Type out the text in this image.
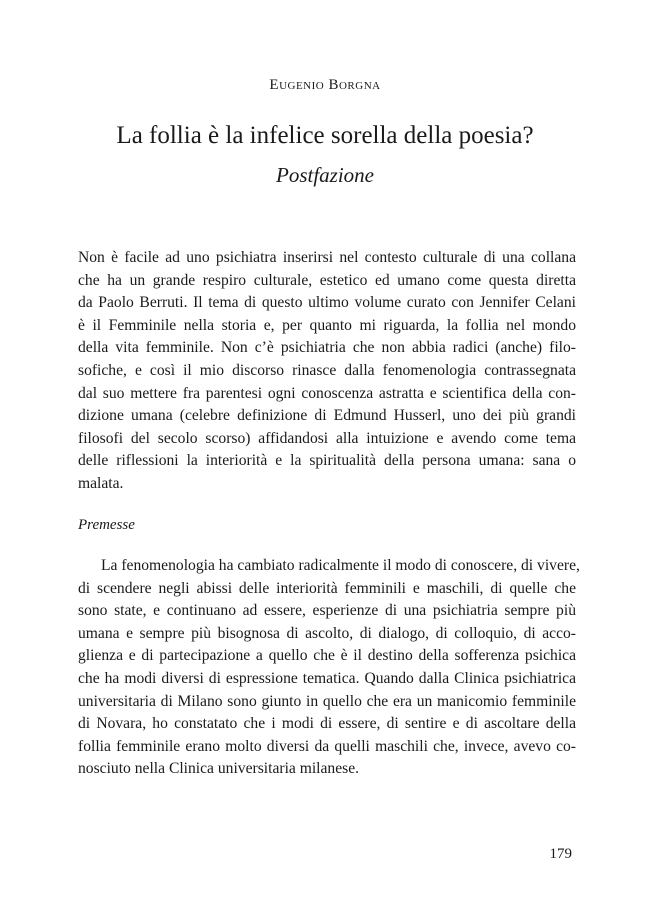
Eugenio Borgna
La follia è la infelice sorella della poesia?
Postfazione
Non è facile ad uno psichiatra inserirsi nel contesto culturale di una collana
che ha un grande respiro culturale, estetico ed umano come questa diretta
da Paolo Berruti. Il tema di questo ultimo volume curato con Jennifer Celani
è il Femminile nella storia e, per quanto mi riguarda, la follia nel mondo
della vita femminile. Non c’è psichiatria che non abbia radici (anche) filo-
sofiche, e così il mio discorso rinasce dalla fenomenologia contrassegnata
dal suo mettere fra parentesi ogni conoscenza astratta e scientifica della con-
dizione umana (celebre definizione di Edmund Husserl, uno dei più grandi
filosofi del secolo scorso) affidandosi alla intuizione e avendo come tema
delle riflessioni la interiorità e la spiritualità della persona umana: sana o
malata.
Premesse
La fenomenologia ha cambiato radicalmente il modo di conoscere, di vivere,
di scendere negli abissi delle interiorità femminili e maschili, di quelle che
sono state, e continuano ad essere, esperienze di una psichiatria sempre più
umana e sempre più bisognosa di ascolto, di dialogo, di colloquio, di acco-
glienza e di partecipazione a quello che è il destino della sofferenza psichica
che ha modi diversi di espressione tematica. Quando dalla Clinica psichiatrica
universitaria di Milano sono giunto in quello che era un manicomio femminile
di Novara, ho constatato che i modi di essere, di sentire e di ascoltare della
follia femminile erano molto diversi da quelli maschili che, invece, avevo co-
nosciuto nella Clinica universitaria milanese.
179
